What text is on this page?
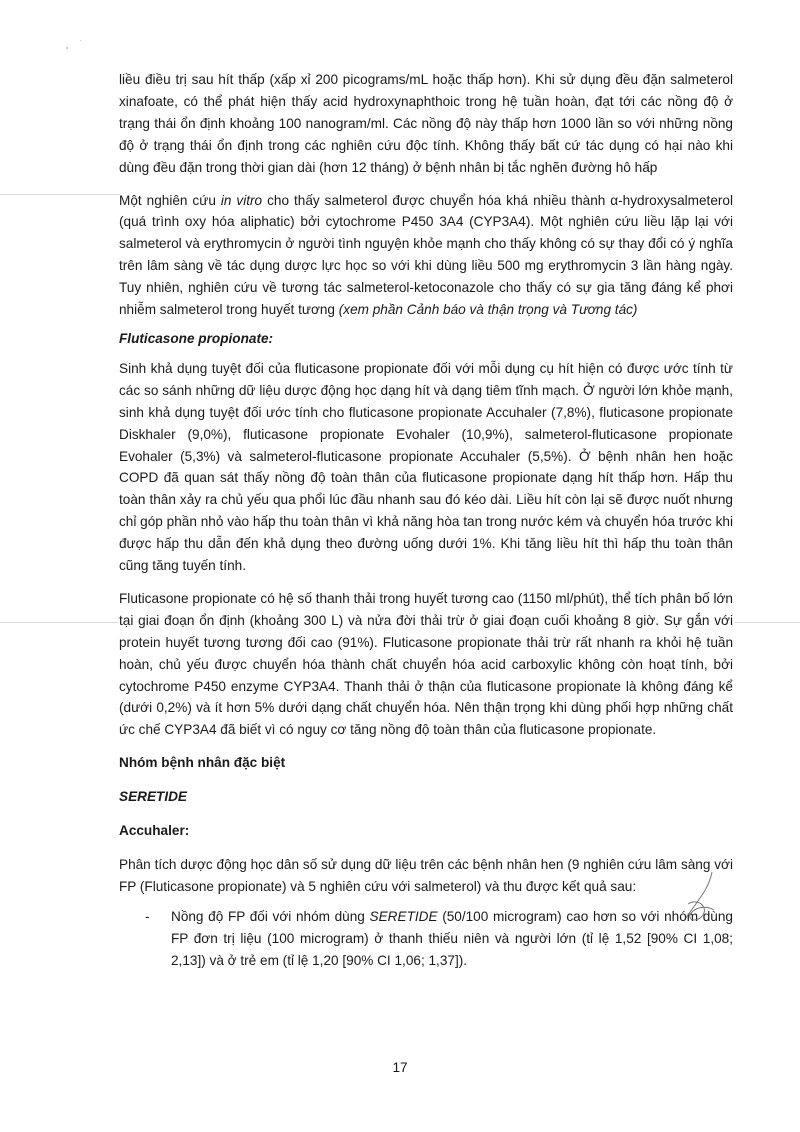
liều điều trị sau hít thấp (xấp xỉ 200 picograms/mL hoặc thấp hơn). Khi sử dụng đều đặn salmeterol xinafoate, có thể phát hiện thấy acid hydroxynaphthoic trong hệ tuần hoàn, đạt tới các nồng độ ở trạng thái ổn định khoảng 100 nanogram/ml. Các nồng độ này thấp hơn 1000 lần so với những nồng độ ở trạng thái ổn định trong các nghiên cứu độc tính. Không thấy bất cứ tác dụng có hại nào khi dùng đều đặn trong thời gian dài (hơn 12 tháng) ở bệnh nhân bị tắc nghẽn đường hô hấp

Một nghiên cứu in vitro cho thấy salmeterol được chuyển hóa khá nhiều thành α-hydroxysalmeterol (quá trình oxy hóa aliphatic) bởi cytochrome P450 3A4 (CYP3A4). Một nghiên cứu liều lặp lại với salmeterol và erythromycin ở người tình nguyện khỏe mạnh cho thấy không có sự thay đổi có ý nghĩa trên lâm sàng về tác dụng dược lực học so với khi dùng liều 500 mg erythromycin 3 lần hàng ngày. Tuy nhiên, nghiên cứu về tương tác salmeterol-ketoconazole cho thấy có sự gia tăng đáng kể phơi nhiễm salmeterol trong huyết tương (xem phần Cảnh báo và thận trọng và Tương tác)

Fluticasone propionate:

Sinh khả dụng tuyệt đối của fluticasone propionate đối với mỗi dụng cụ hít hiện có được ước tính từ các so sánh những dữ liệu dược động học dạng hít và dạng tiêm tĩnh mạch. Ở người lớn khỏe mạnh, sinh khả dụng tuyệt đối ước tính cho fluticasone propionate Accuhaler (7,8%), fluticasone propionate Diskhaler (9,0%), fluticasone propionate Evohaler (10,9%), salmeterol-fluticasone propionate Evohaler (5,3%) và salmeterol-fluticasone propionate Accuhaler (5,5%). Ở bệnh nhân hen hoặc COPD đã quan sát thấy nồng độ toàn thân của fluticasone propionate dạng hít thấp hơn. Hấp thu toàn thân xảy ra chủ yếu qua phổi lúc đầu nhanh sau đó kéo dài. Liều hít còn lại sẽ được nuốt nhưng chỉ góp phần nhỏ vào hấp thu toàn thân vì khả năng hòa tan trong nước kém và chuyển hóa trước khi được hấp thu dẫn đến khả dụng theo đường uống dưới 1%. Khi tăng liều hít thì hấp thu toàn thân cũng tăng tuyến tính.

Fluticasone propionate có hệ số thanh thải trong huyết tương cao (1150 ml/phút), thể tích phân bố lớn tại giai đoạn ổn định (khoảng 300 L) và nửa đời thải trừ ở giai đoạn cuối khoảng 8 giờ. Sự gắn với protein huyết tương tương đối cao (91%). Fluticasone propionate thải trừ rất nhanh ra khỏi hệ tuần hoàn, chủ yếu được chuyển hóa thành chất chuyển hóa acid carboxylic không còn hoạt tính, bởi cytochrome P450 enzyme CYP3A4. Thanh thải ở thận của fluticasone propionate là không đáng kể (dưới 0,2%) và ít hơn 5% dưới dạng chất chuyển hóa. Nên thận trọng khi dùng phối hợp những chất ức chế CYP3A4 đã biết vì có nguy cơ tăng nồng độ toàn thân của fluticasone propionate.

Nhóm bệnh nhân đặc biệt
SERETIDE
Accuhaler:

Phân tích dược động học dân số sử dụng dữ liệu trên các bệnh nhân hen (9 nghiên cứu lâm sàng với FP (Fluticasone propionate) và 5 nghiên cứu với salmeterol) và thu được kết quả sau:

- Nồng độ FP đối với nhóm dùng SERETIDE (50/100 microgram) cao hơn so với nhóm dùng FP đơn trị liệu (100 microgram) ở thanh thiếu niên và người lớn (tỉ lệ 1,52 [90% CI 1,08; 2,13]) và ở trẻ em (tỉ lệ 1,20 [90% CI 1,06; 1,37]).
17
